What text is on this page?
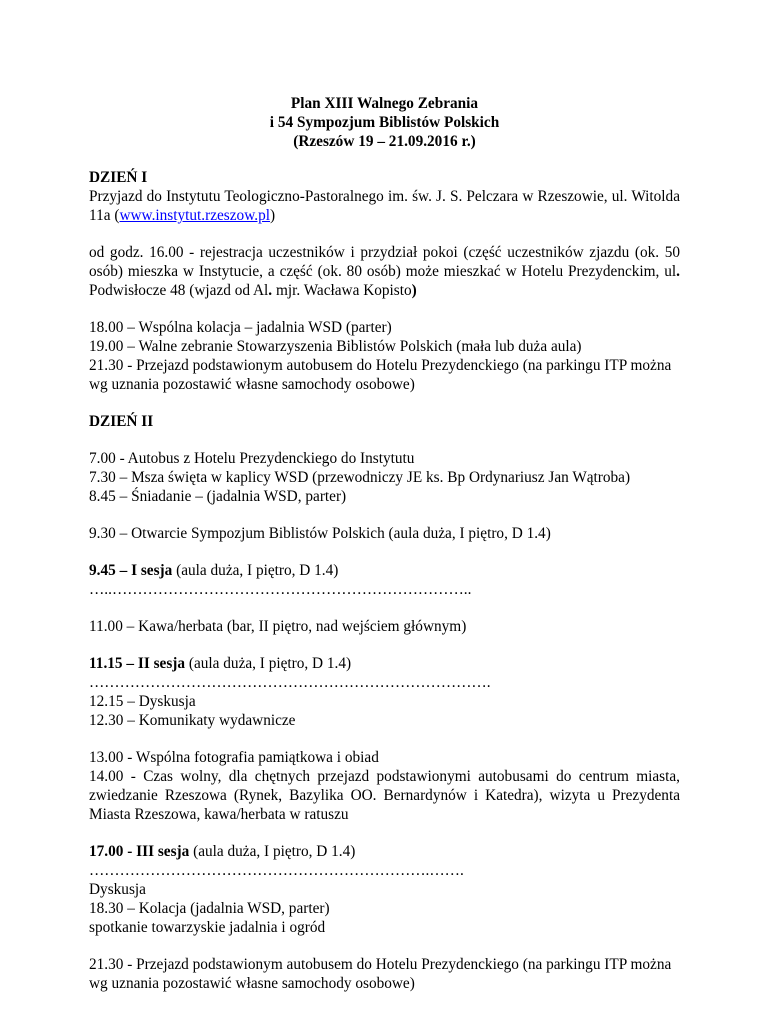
Plan XIII Walnego Zebrania
i 54 Sympozjum Biblistów Polskich
(Rzeszów 19 – 21.09.2016 r.)
DZIEŃ I
Przyjazd do Instytutu Teologiczno-Pastoralnego im. św. J. S. Pelczara w Rzeszowie, ul. Witolda 11a (www.instytut.rzeszow.pl)
od godz. 16.00 - rejestracja uczestników i przydział pokoi (część uczestników zjazdu (ok. 50 osób) mieszka w Instytucie, a część (ok. 80 osób) może mieszkać w Hotelu Prezydenckim, ul. Podwisłocze 48 (wjazd od Al. mjr. Wacława Kopisto)
18.00 – Wspólna kolacja – jadalnia WSD (parter)
19.00 – Walne zebranie Stowarzyszenia Biblistów Polskich (mała lub duża aula)
21.30 - Przejazd podstawionym autobusem do Hotelu Prezydenckiego (na parkingu ITP można wg uznania pozostawić własne samochody osobowe)
DZIEŃ II
7.00 - Autobus z Hotelu Prezydenckiego do Instytutu
7.30 – Msza święta w kaplicy WSD (przewodniczy JE ks. Bp Ordynariusz Jan Wątroba)
8.45 – Śniadanie – (jadalnia WSD, parter)
9.30 – Otwarcie Sympozjum Biblistów Polskich (aula duża, I piętro, D 1.4)
9.45 – I sesja (aula duża, I piętro, D 1.4)
…..……………………………………………………………..
11.00 – Kawa/herbata (bar, II piętro, nad wejściem głównym)
11.15 – II sesja (aula duża, I piętro, D 1.4)
…………………………………………………………………….
12.15 – Dyskusja
12.30 – Komunikaty wydawnicze
13.00 - Wspólna fotografia pamiątkowa i obiad
14.00 - Czas wolny, dla chętnych przejazd podstawionymi autobusami do centrum miasta, zwiedzanie Rzeszowa (Rynek, Bazylika OO. Bernardynów i Katedra), wizyta u Prezydenta Miasta Rzeszowa, kawa/herbata w ratuszu
17.00 - III sesja (aula duża, I piętro, D 1.4)
………………………………………………………….…….
Dyskusja
18.30 – Kolacja (jadalnia WSD, parter)
spotkanie towarzyskie jadalnia i ogród
21.30 - Przejazd podstawionym autobusem do Hotelu Prezydenckiego (na parkingu ITP można wg uznania pozostawić własne samochody osobowe)
